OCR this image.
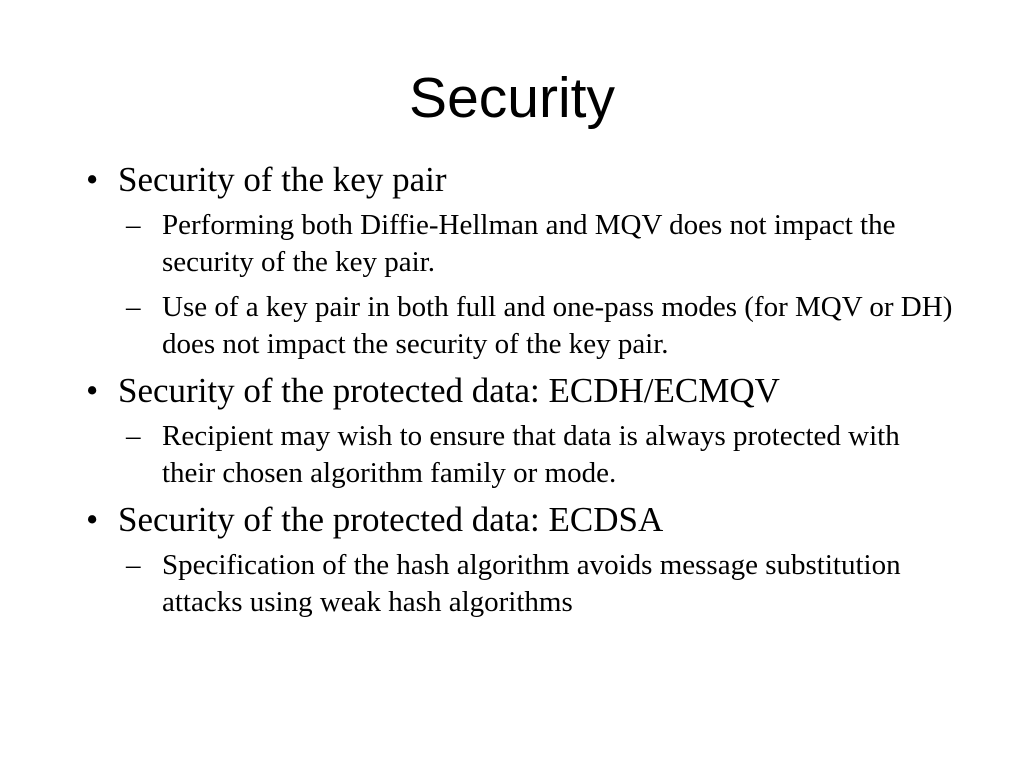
Security
• Security of the key pair
– Performing both Diffie-Hellman and MQV does not impact the security of the key pair.
– Use of a key pair in both full and one-pass modes (for MQV or DH) does not impact the security of the key pair.
• Security of the protected data: ECDH/ECMQV
– Recipient may wish to ensure that data is always protected with their chosen algorithm family or mode.
• Security of the protected data: ECDSA
– Specification of the hash algorithm avoids message substitution attacks using weak hash algorithms
